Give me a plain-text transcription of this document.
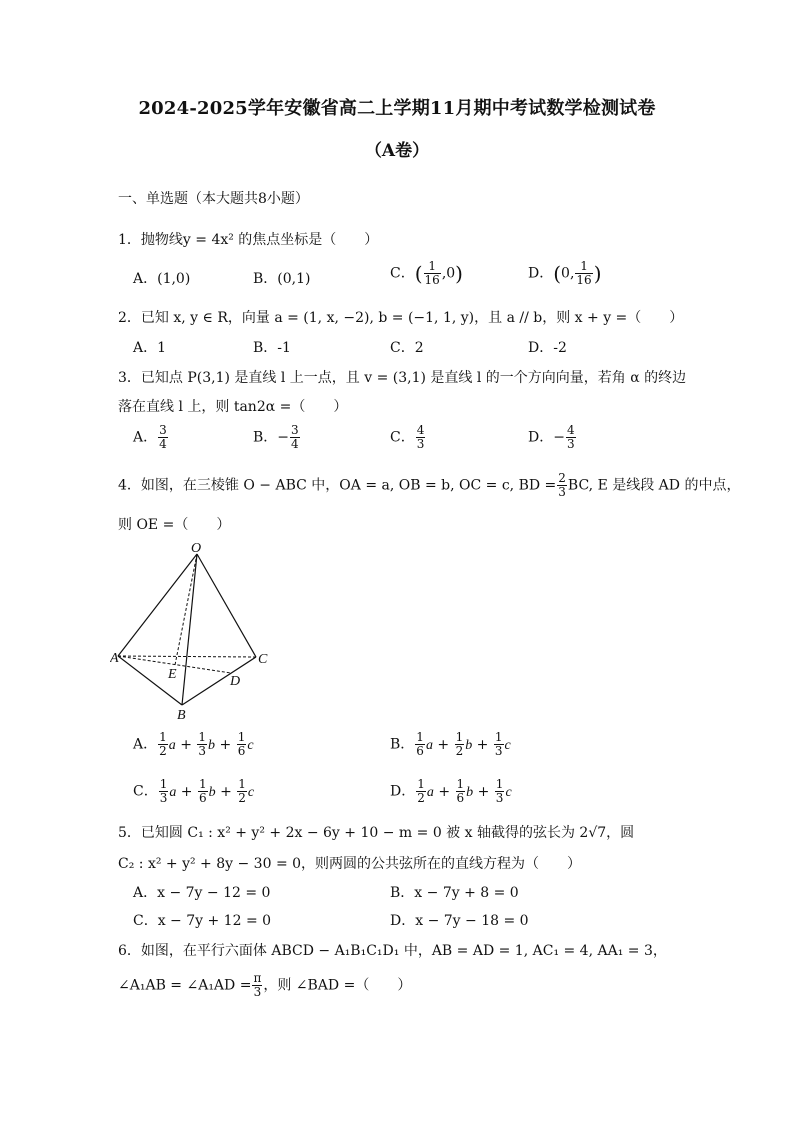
2024-2025学年安徽省高二上学期11月期中考试数学检测试卷
（A卷）
一、单选题（本大题共8小题）
1．抛物线y = 4x² 的焦点坐标是（　　）
A．(1,0)	B．(0,1)	C．( $\frac{1}{16} ,0$)	D．(0, $\frac{1}{16}$ )
2．已知 x, y ∈ R，向量 a = (1, x, −2), b = (−1, 1, y)，且 a // b，则 x + y =（　　）
A．1	B．-1	C．2	D．-2
3．已知点 P(3,1) 是直线 l 上一点，且 v = (3,1) 是直线 l 的一个方向向量，若角 α 的终边
落在直线 l 上，则 tan2α =（　　）
A． $\frac{3}{4}$	B．− $\frac{3}{4}$	C． $\frac{4}{3}$	D．− $\frac{4}{3}$
4．如图，在三棱锥 O − ABC 中，OA = a, OB = b, OC = c, BD = $\frac{2}{3}$ BC, E 是线段 AD 的中点，
则 OE =（　　）
O
A
B
C
D
E
A． $\frac{1}{2}$ $a + \frac{1}{3}$ $b + \frac{1}{6}$ c	B． $\frac{1}{6}$ $a + \frac{1}{2}$ $b + \frac{1}{3}$ c
C． $\frac{1}{3}$ $a + \frac{1}{6}$ $b + \frac{1}{2}$ c	D． $\frac{1}{2}$ $a + \frac{1}{6}$ $b + \frac{1}{3}$ c
5．已知圆 C₁ : x² + y² + 2x − 6y + 10 − m = 0 被 x 轴截得的弦长为 2√7，圆
C₂ : x² + y² + 8y − 30 = 0，则两圆的公共弦所在的直线方程为（　　）
A．x − 7y − 12 = 0	B．x − 7y + 8 = 0
C．x − 7y + 12 = 0	D．x − 7y − 18 = 0
6．如图，在平行六面体 ABCD − A₁B₁C₁D₁ 中，AB = AD = 1, AC₁ = 4, AA₁ = 3，
∠A₁AB = ∠A₁AD = $\frac{\pi}{3}$ ，则 ∠BAD =（　　）
